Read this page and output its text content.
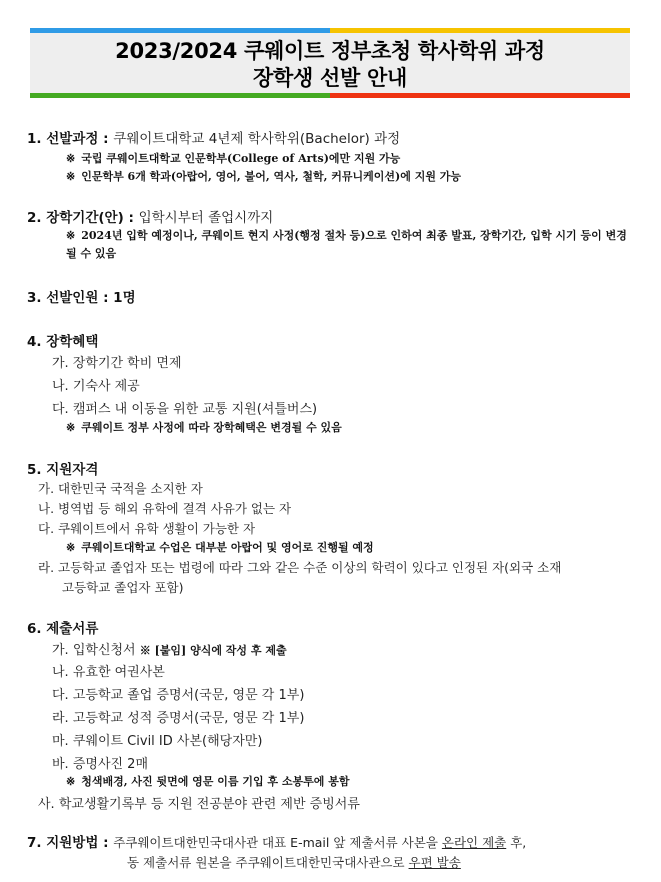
2023/2024 쿠웨이트 정부초청 학사학위 과정
장학생 선발 안내
1. 선발과정 : 쿠웨이트대학교 4년제 학사학위(Bachelor) 과정
※ 국립 쿠웨이트대학교 인문학부(College of Arts)에만 지원 가능
※ 인문학부 6개 학과(아랍어, 영어, 불어, 역사, 철학, 커뮤니케이션)에 지원 가능
2. 장학기간(안) : 입학시부터 졸업시까지
※ 2024년 입학 예정이나, 쿠웨이트 현지 사정(행정 절차 등)으로 인하여 최종 발표, 장학기간, 입학 시기 등이 변경될 수 있음
3. 선발인원 : 1명
4. 장학혜택
가. 장학기간 학비 면제
나. 기숙사 제공
다. 캠퍼스 내 이동을 위한 교통 지원(셔틀버스)
※ 쿠웨이트 정부 사정에 따라 장학혜택은 변경될 수 있음
5. 지원자격
가. 대한민국 국적을 소지한 자
나. 병역법 등 해외 유학에 결격 사유가 없는 자
다. 쿠웨이트에서 유학 생활이 가능한 자
※ 쿠웨이트대학교 수업은 대부분 아랍어 및 영어로 진행될 예정
라. 고등학교 졸업자 또는 법령에 따라 그와 같은 수준 이상의 학력이 있다고 인정된 자(외국 소재
고등학교 졸업자 포함)
6. 제출서류
가. 입학신청서 ※ [붙임] 양식에 작성 후 제출
나. 유효한 여권사본
다. 고등학교 졸업 증명서(국문, 영문 각 1부)
라. 고등학교 성적 증명서(국문, 영문 각 1부)
마. 쿠웨이트 Civil ID 사본(해당자만)
바. 증명사진 2매
※ 청색배경, 사진 뒷면에 영문 이름 기입 후 소봉투에 봉함
사. 학교생활기록부 등 지원 전공분야 관련 제반 증빙서류
7. 지원방법 : 주쿠웨이트대한민국대사관 대표 E-mail 앞 제출서류 사본을 온라인 제출 후,
동 제출서류 원본을 주쿠웨이트대한민국대사관으로 우편 발송
